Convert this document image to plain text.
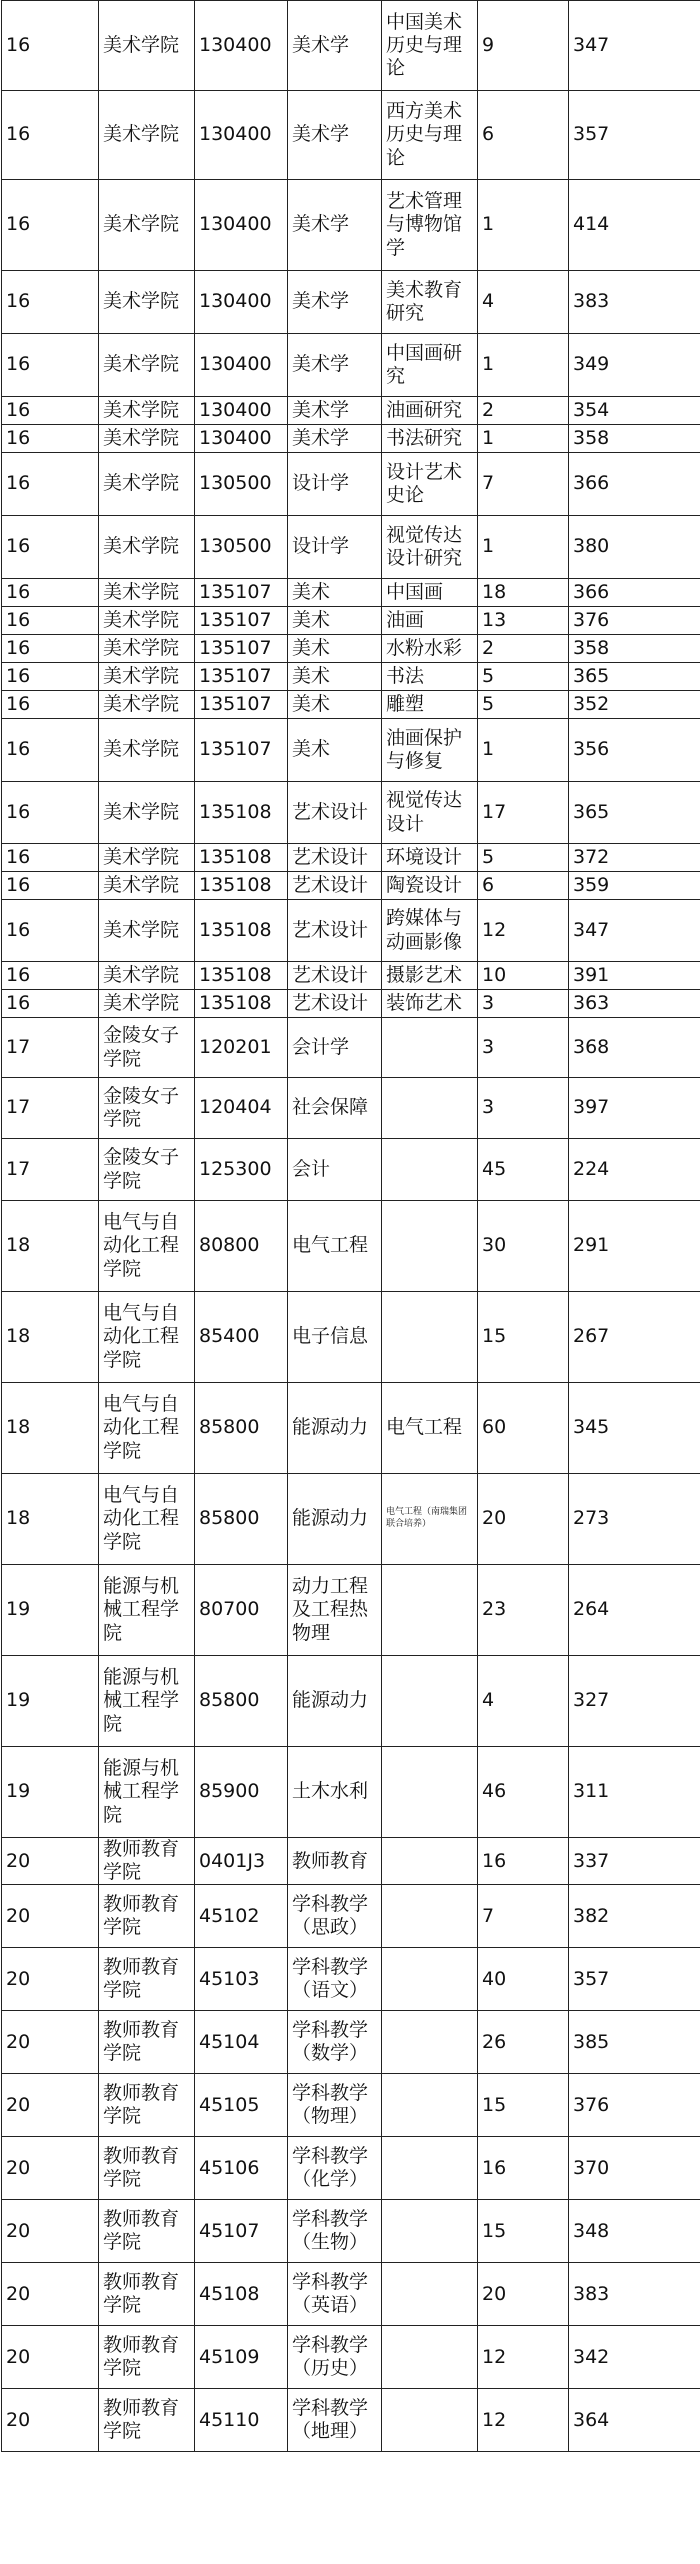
16	美术学院	130400	美术学	中国美术历史与理论	9	347
16	美术学院	130400	美术学	西方美术历史与理论	6	357
16	美术学院	130400	美术学	艺术管理与博物馆学	1	414
16	美术学院	130400	美术学	美术教育研究	4	383
16	美术学院	130400	美术学	中国画研究	1	349
16	美术学院	130400	美术学	油画研究	2	354
16	美术学院	130400	美术学	书法研究	1	358
16	美术学院	130500	设计学	设计艺术史论	7	366
16	美术学院	130500	设计学	视觉传达设计研究	1	380
16	美术学院	135107	美术	中国画	18	366
16	美术学院	135107	美术	油画	13	376
16	美术学院	135107	美术	水粉水彩	2	358
16	美术学院	135107	美术	书法	5	365
16	美术学院	135107	美术	雕塑	5	352
16	美术学院	135107	美术	油画保护与修复	1	356
16	美术学院	135108	艺术设计	视觉传达设计	17	365
16	美术学院	135108	艺术设计	环境设计	5	372
16	美术学院	135108	艺术设计	陶瓷设计	6	359
16	美术学院	135108	艺术设计	跨媒体与动画影像	12	347
16	美术学院	135108	艺术设计	摄影艺术	10	391
16	美术学院	135108	艺术设计	装饰艺术	3	363
17	金陵女子学院	120201	会计学		3	368
17	金陵女子学院	120404	社会保障		3	397
17	金陵女子学院	125300	会计		45	224
18	电气与自动化工程学院	80800	电气工程		30	291
18	电气与自动化工程学院	85400	电子信息		15	267
18	电气与自动化工程学院	85800	能源动力	电气工程	60	345
18	电气与自动化工程学院	85800	能源动力	电气工程（南瑞集团联合培养）	20	273
19	能源与机械工程学院	80700	动力工程及工程热物理		23	264
19	能源与机械工程学院	85800	能源动力		4	327
19	能源与机械工程学院	85900	土木水利		46	311
20	教师教育学院	0401J3	教师教育		16	337
20	教师教育学院	45102	学科教学（思政）		7	382
20	教师教育学院	45103	学科教学（语文）		40	357
20	教师教育学院	45104	学科教学（数学）		26	385
20	教师教育学院	45105	学科教学（物理）		15	376
20	教师教育学院	45106	学科教学（化学）		16	370
20	教师教育学院	45107	学科教学（生物）		15	348
20	教师教育学院	45108	学科教学（英语）		20	383
20	教师教育学院	45109	学科教学（历史）		12	342
20	教师教育学院	45110	学科教学（地理）		12	364
